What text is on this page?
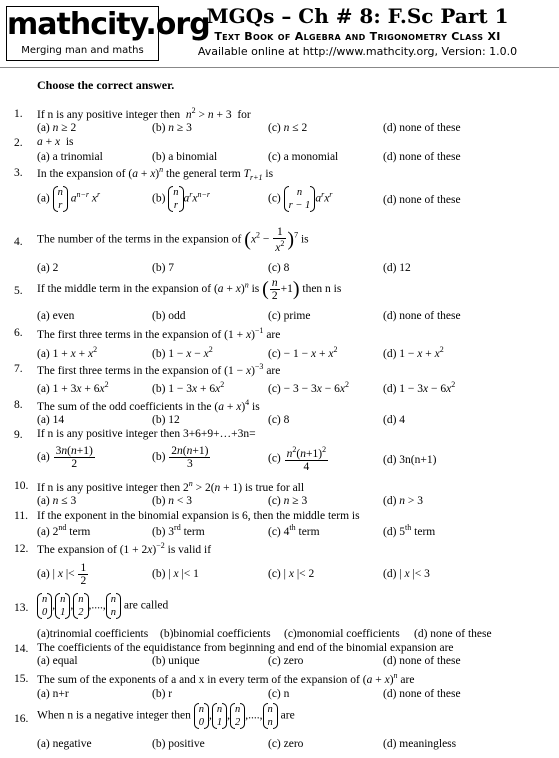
mathcity.org
Merging man and maths
MGQs – Ch # 8: F.Sc Part 1
Text Book of Algebra and Trigonometry Class XI
Available online at http://www.mathcity.org, Version: 1.0.0
Choose the correct answer.
1. If n is any positive integer then $n^2 > n + 3$  for
(a) n ≥ 2	(b) n ≥ 3	(c) n ≤ 2	(d) none of these
2. a + x is
(a) a trinomial	(b) a binomial	(c) a monomial	(d) none of these
3. In the expansion of $(a + x)^n$ the general term $T_{r+1}$ is
(a)
n
r
$a^{n-r}$ $x^r$	(b)
n
r
$a^rx^{n-r}$	(c)
n
r − 1
$a^rx^r$	(d) none of these
4. The number of the terms in the expansion of $(x^2 - \frac{1}{x^2} )^7$ is
(a) 2	(b) 7	(c) 8	(d) 12
5. If the middle term in the expansion of $(a + x)^n$ is ( $\frac{n}{2} +1$) then n is
(a) even	(b) odd	(c) prime	(d) none of these
6. The first three terms in the expansion of $(1 + x)^{-1}$ are
(a) $1 + x + x^2$	(b) $1 - x - x^2$	$(c) - 1 - x + x^2$	(d) $1 - x + x^2$
7. The first three terms in the expansion of $(1 - x)^{-3}$ are
(a) $1 + 3x + 6x^2$	(b) $1 - 3x + 6x^2$	$(c) - 3 - 3x - 6x^2$	(d) $1 - 3x - 6x^2$
8. The sum of the odd coefficients in the $(a + x)^4$ is
(a) 14	(b) 12	(c) 8	(d) 4
9. If n is any positive integer then 3+6+9+…+3n=
$(a) \frac{3n(n+1)}{2}$	$(b) \frac{2n(n+1)}{3}$	$(c) \frac{n^2(n+1)^2}{4}$	(d) 3n(n+1)
10. If n is any positive integer then $2^n > 2(n + 1)$ is true for all
(a) n ≤ 3	(b) n < 3	(c) n ≥ 3	(d) n > 3
11. If the exponent in the binomial expansion is 6, then the middle term is
(a) 2nd term	(b) 3rd term	(c) 4th term	(d) 5th term
12. The expansion of $(1 + 2x)^{-2}$ is valid if
(a) | x |< $\frac{1}{2}$	(b) | x |< 1	(c) | x |< 2	(d) | x |< 3
13.
n
0
,
n
1
,
n
2
,....,
n
n
are called
(a)trinomial coefficients (b)binomial coefficients (c)monomial coefficients (d) none of these
14. The coefficients of the equidistance from beginning and end of the binomial expansion are
(a) equal	(b) unique	(c) zero	(d) none of these
15. The sum of the exponents of a and x in every term of the expansion of $(a + x)^n$ are
(a) n+r	(b) r	(c) n	(d) none of these
16. When n is a negative integer then
n
0
,
n
1
,
n
2
,....,
n
n
are
(a) negative	(b) positive	(c) zero	(d) meaningless
